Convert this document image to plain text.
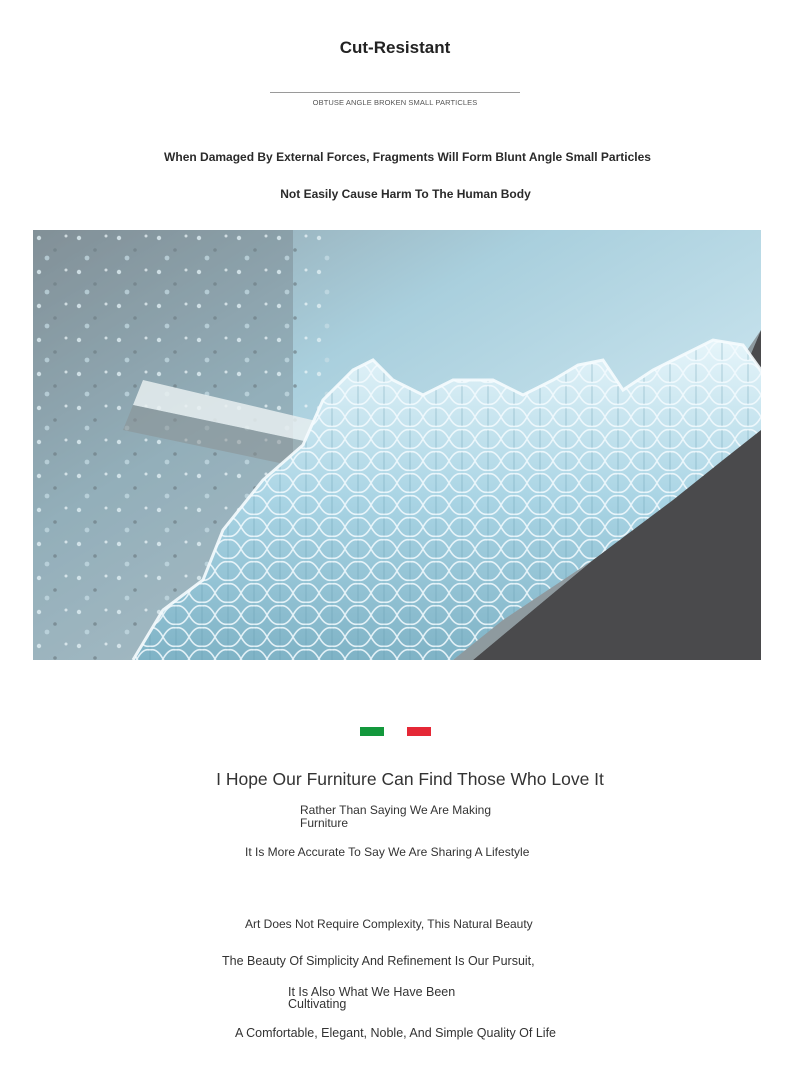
Cut-Resistant
OBTUSE ANGLE BROKEN SMALL PARTICLES
When Damaged By External Forces, Fragments Will Form Blunt Angle Small Particles
Not Easily Cause Harm To The Human Body
I Hope Our Furniture Can Find Those Who Love It
Rather Than Saying We Are Making Furniture
It Is More Accurate To Say We Are Sharing A Lifestyle
Art Does Not Require Complexity, This Natural Beauty
The Beauty Of Simplicity And Refinement Is Our Pursuit,
It Is Also What We Have Been Cultivating
A Comfortable, Elegant, Noble, And Simple Quality Of Life
